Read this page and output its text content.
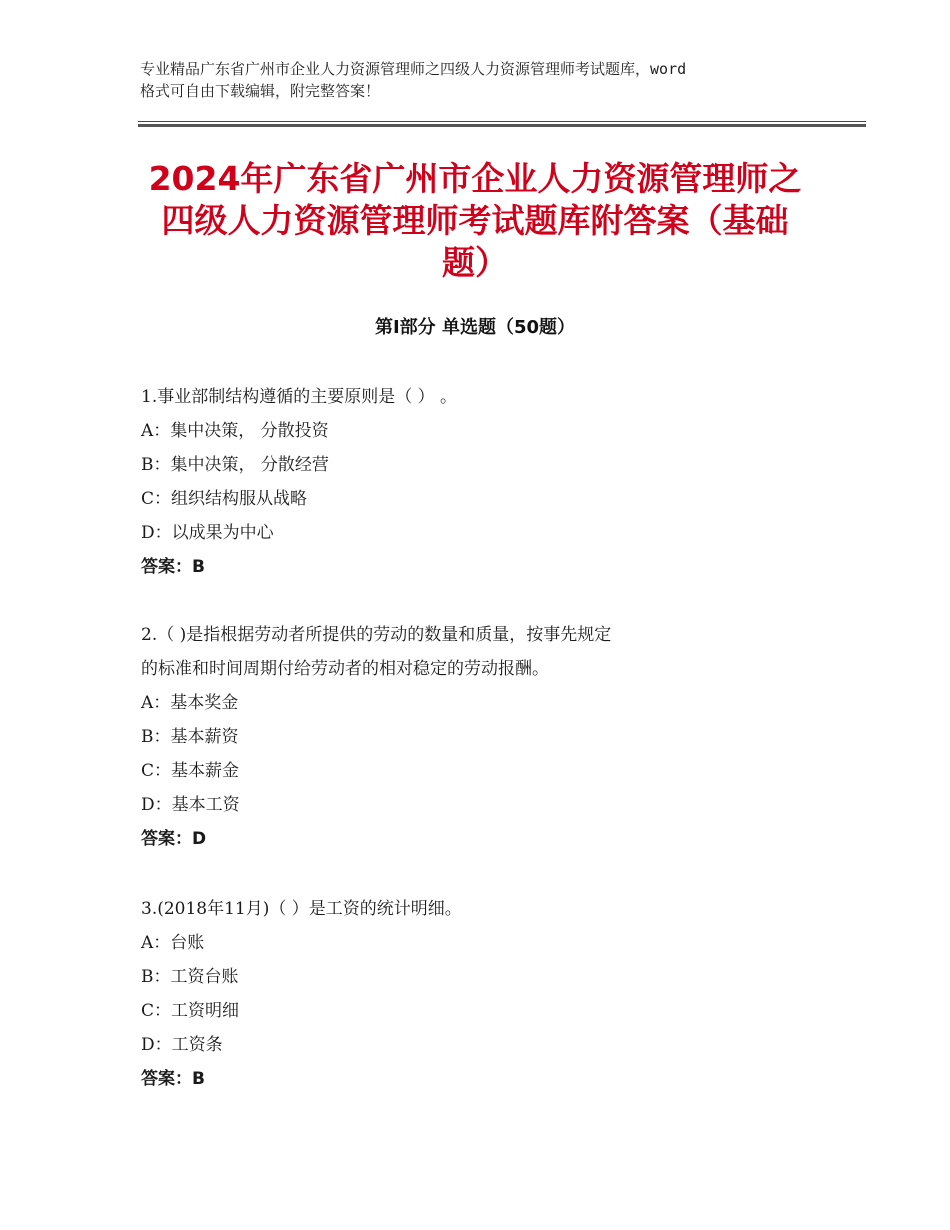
专业精品广东省广州市企业人力资源管理师之四级人力资源管理师考试题库，word
格式可自由下载编辑，附完整答案！
2024年广东省广州市企业人力资源管理师之
四级人力资源管理师考试题库附答案（基础
题）
第Ⅰ部分 单选题（50题）
1.事业部制结构遵循的主要原则是（ ） 。
A：集中决策， 分散投资
B：集中决策， 分散经营
C：组织结构服从战略
D：以成果为中心
答案：B
2.（ )是指根据劳动者所提供的劳动的数量和质量，按事先规定
的标准和时间周期付给劳动者的相对稳定的劳动报酬。
A：基本奖金
B：基本薪资
C：基本薪金
D：基本工资
答案：D
3.(2018年11月)（ ）是工资的统计明细。
A：台账
B：工资台账
C：工资明细
D：工资条
答案：B
